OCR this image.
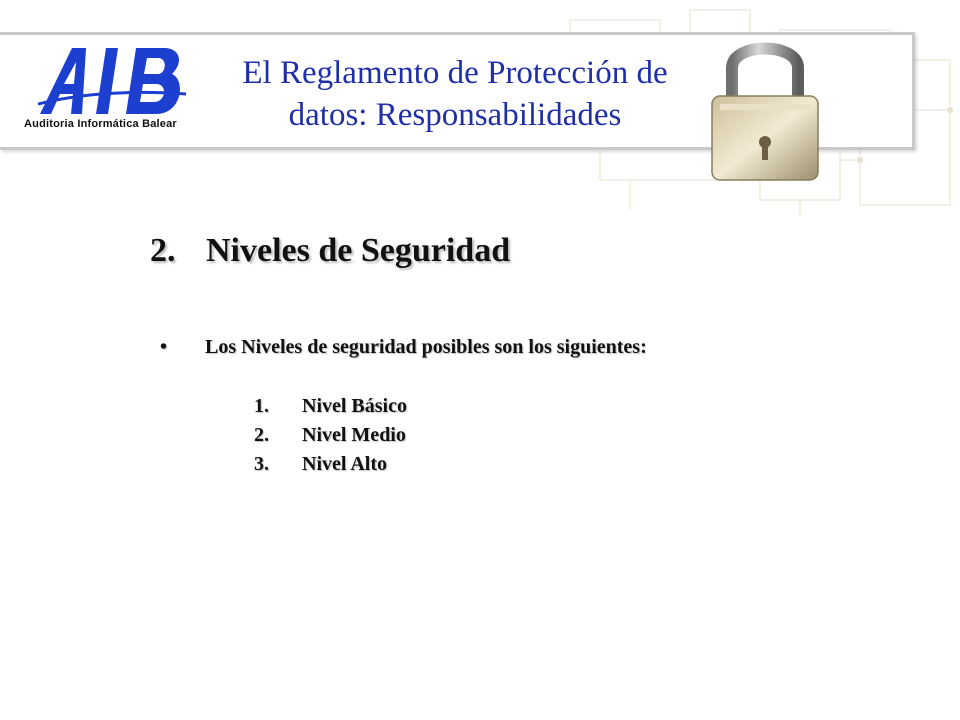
Auditoria Informática Balear
El Reglamento de Protección de
datos: Responsabilidades
2. Niveles de Seguridad
• Los Niveles de seguridad posibles son los siguientes:
1. Nivel Básico
2. Nivel Medio
3. Nivel Alto
